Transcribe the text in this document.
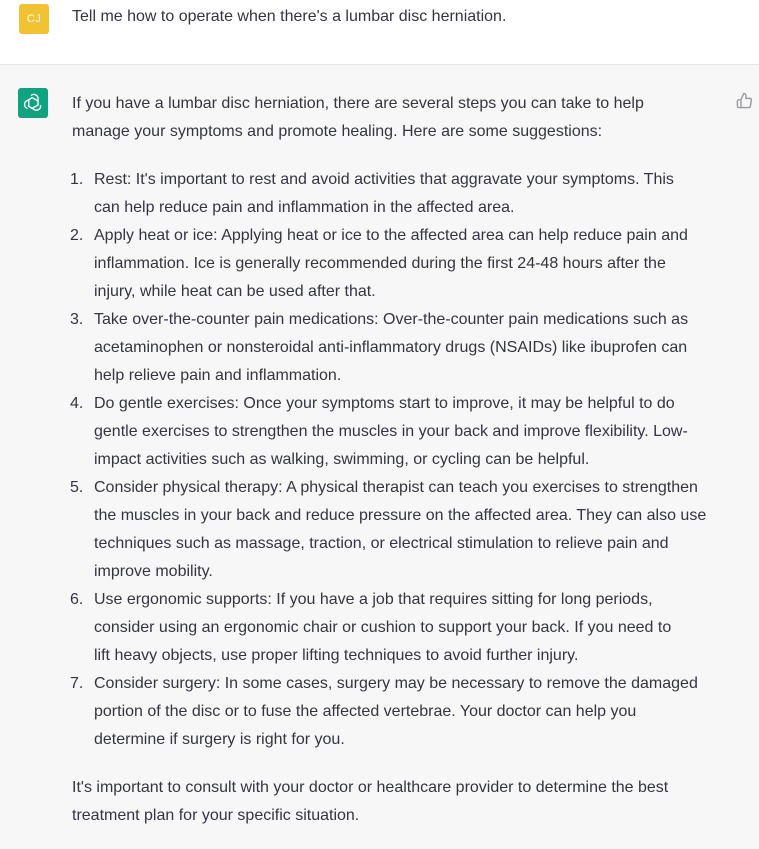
CJ	Tell me how to operate when there's a lumbar disc herniation.

If you have a lumbar disc herniation, there are several steps you can take to help
manage your symptoms and promote healing. Here are some suggestions:

1. Rest: It's important to rest and avoid activities that aggravate your symptoms. This
can help reduce pain and inflammation in the affected area.
2. Apply heat or ice: Applying heat or ice to the affected area can help reduce pain and
inflammation. Ice is generally recommended during the first 24-48 hours after the
injury, while heat can be used after that.
3. Take over-the-counter pain medications: Over-the-counter pain medications such as
acetaminophen or nonsteroidal anti-inflammatory drugs (NSAIDs) like ibuprofen can
help relieve pain and inflammation.
4. Do gentle exercises: Once your symptoms start to improve, it may be helpful to do
gentle exercises to strengthen the muscles in your back and improve flexibility. Low-
impact activities such as walking, swimming, or cycling can be helpful.
5. Consider physical therapy: A physical therapist can teach you exercises to strengthen
the muscles in your back and reduce pressure on the affected area. They can also use
techniques such as massage, traction, or electrical stimulation to relieve pain and
improve mobility.
6. Use ergonomic supports: If you have a job that requires sitting for long periods,
consider using an ergonomic chair or cushion to support your back. If you need to
lift heavy objects, use proper lifting techniques to avoid further injury.
7. Consider surgery: In some cases, surgery may be necessary to remove the damaged
portion of the disc or to fuse the affected vertebrae. Your doctor can help you
determine if surgery is right for you.

It's important to consult with your doctor or healthcare provider to determine the best
treatment plan for your specific situation.
